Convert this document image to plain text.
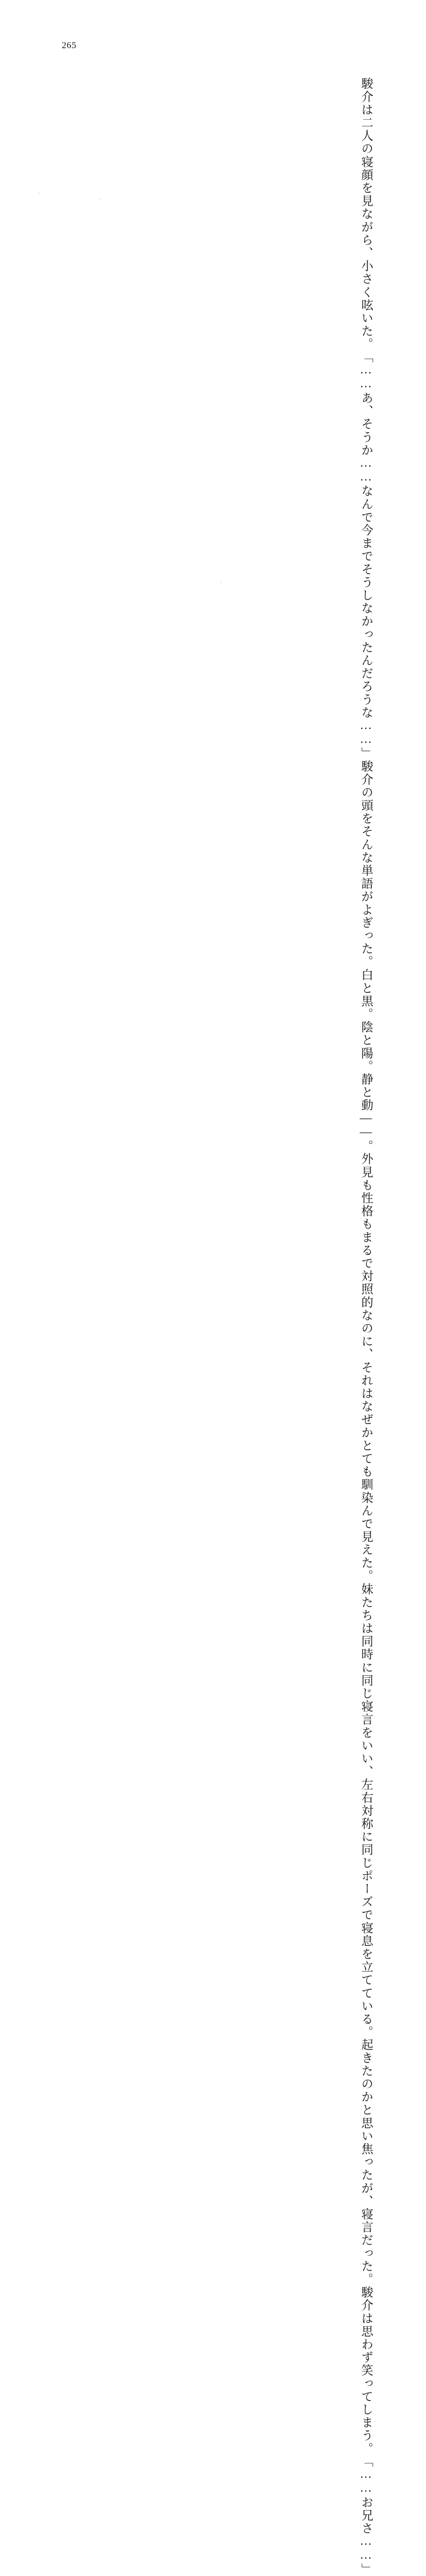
265
駿介は二人の寝顔を見ながら、小さく呟いた。
「……あ、そうか……なんで今までそうしなかったんだろうな……」
駿介の頭をそんな単語がよぎった。
白と黒。陰と陽。静と動――。
外見も性格もまるで対照的なのに、それはなぜかとても馴染んで見えた。
妹たちは同時に同じ寝言をいい、左右対称に同じポーズで寝息を立てている。
起きたのかと思い焦ったが、寝言だった。駿介は思わず笑ってしまう。
「……お兄さ……」
